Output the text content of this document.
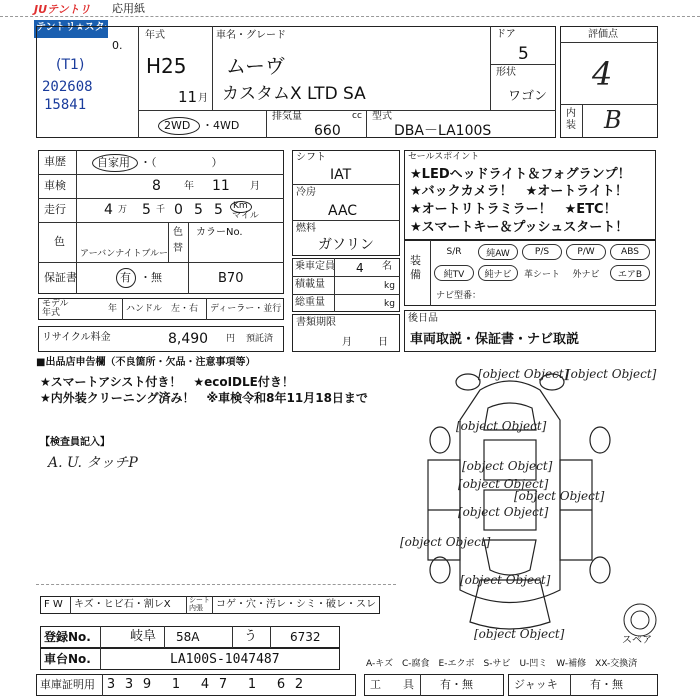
JUテントリ
テントリ★スター
応用紙
0.
(T1)
202608
15841
年式
H25
11 月
車名・グレード
ムーヴ
カスタムX LTD SA
ドア
5
形状
ワゴン
評価点
4
内装 B
2WD ・4WD
排気量	cc
660
型式
DBA－LA100S
車歴	自家用 ・（　　　　　）
車検	8 年 11 月
走行	4 万 5 千 0 5 5 Km
マイル
色
アーバンナイトブルー
色
替
カラーNo.
B70
保証書	有 ・無
モデル年式	年 ハンドル　左・右 ディーラー・並行
リサイクル料金	8,490 円 預託済
シフト
IAT
冷房
AAC
燃料
ガソリン
乗車定員 4 名
積載量	kg
総重量	kg
書類期限
月	日
セールスポイント
★LEDヘッドライト＆フォグランプ！
★バックカメラ！　★オートライト！
★オートリトラミラー！　★ETC！
★スマートキー＆プッシュスタート！
装備
S/R	純AW	P/S	P/W	ABS
純TV	純ナビ	革シート	外ナビ	エアB
ナビ型番：
後日品
車両取説・保証書・ナビ取説
■出品店申告欄（不良箇所・欠品・注意事項等）
★スマートアシスト付き！　★ecoIDLE付き！
★内外装クリーニング済み！　※車検令和8年11月18日まで
【検査員記入】
A. U. タッチP
[object Object]
[object Object]
[object Object]
[object Object]
[object Object]
[object Object]
[object Object]
[object Object]
[object Object]
[object Object]	スペア
F W キズ・ヒビ石・割レX	シート
内張 コゲ・穴・汚レ・シミ・破レ・スレ
登録No.	岐阜 58A	う	6732
車台No.	LA100S-1047487	A-キズ　C-腐食　E-エクボ　S-サビ　U-凹ミ　W-補修　XX-交換済
車庫証明用 3 3 9	1	4 7	1	6 2	工　　具 有・無	ジャッキ	有・無
